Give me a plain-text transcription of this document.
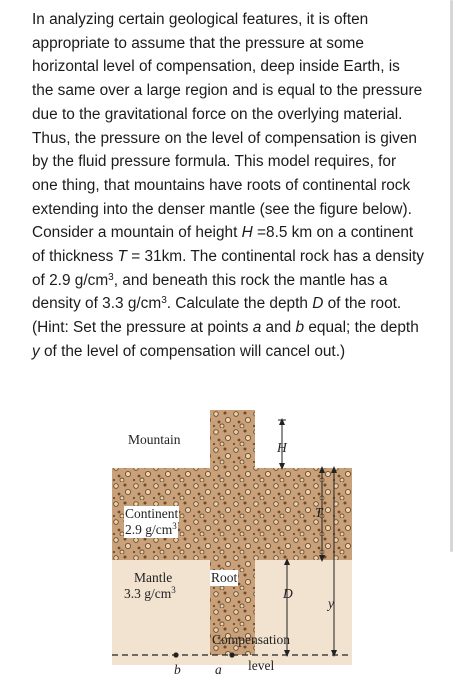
In analyzing certain geological features, it is often appropriate to assume that the pressure at some horizontal level of compensation, deep inside Earth, is the same over a large region and is equal to the pressure due to the gravitational force on the overlying material. Thus, the pressure on the level of compensation is given by the fluid pressure formula. This model requires, for one thing, that mountains have roots of continental rock extending into the denser mantle (see the figure below). Consider a mountain of height H =8.5 km on a continent of thickness T = 31km. The continental rock has a density of 2.9 $g/cm^3$, and beneath this rock the mantle has a density of 3.3 $g/cm^3$. Calculate the depth D of the root. (Hint: Set the pressure at points a and b equal; the depth y of the level of compensation will cancel out.)

Mountain
H
T
Continent
2.9 $g/cm^3$
Mantle
3.3 $g/cm^3$
Root
D
y
Compensation
level
b	a
